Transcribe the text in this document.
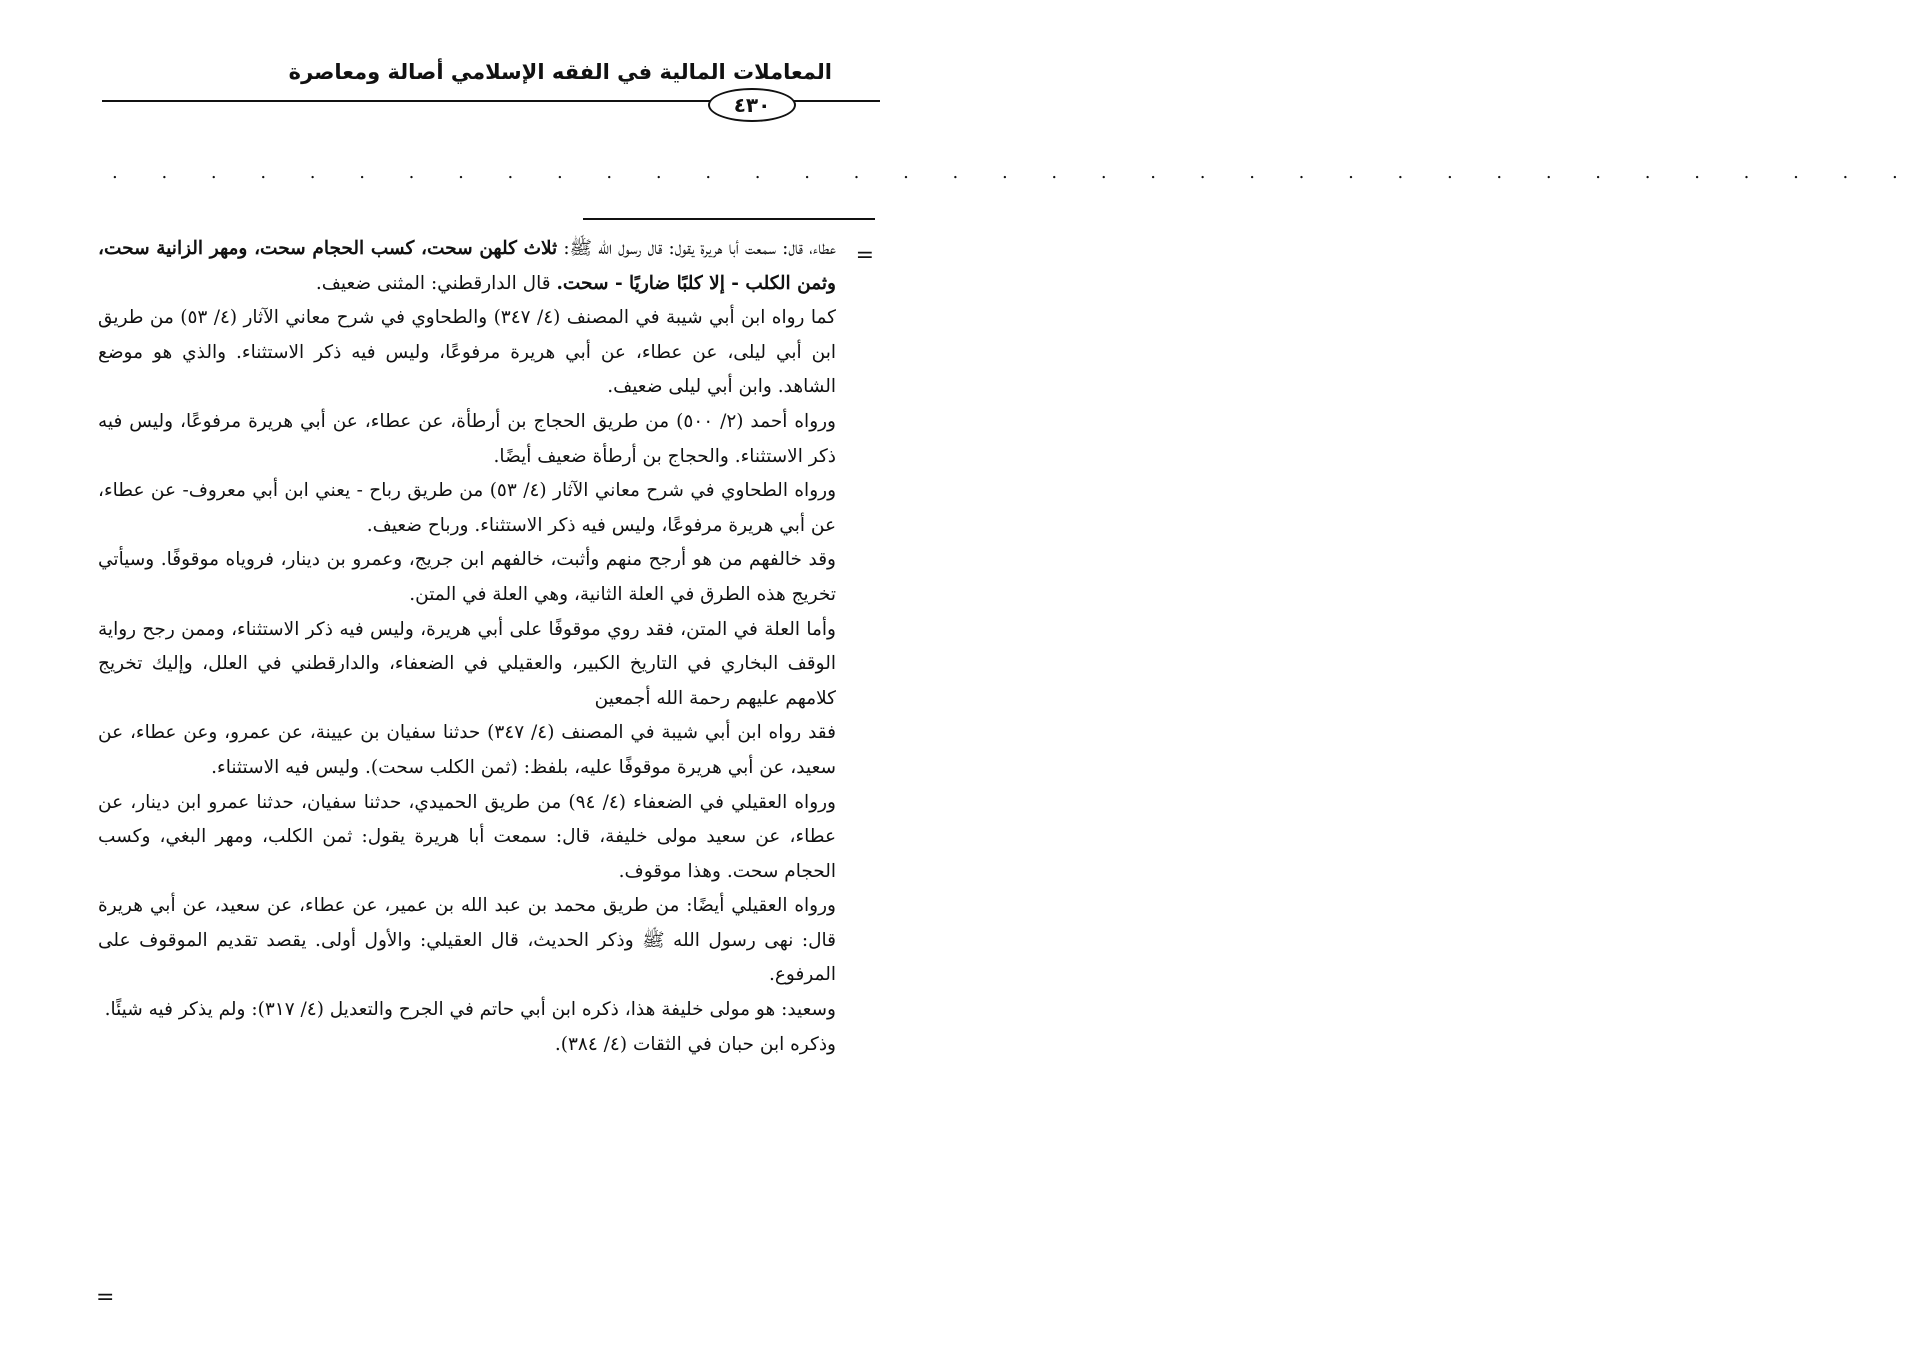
المعاملات المالية في الفقه الإسلامي أصالة ومعاصرة
٤٣٠
. . . . . . . . . . . . . . . . . . . . . . . . . . . . . . . . . . . . .
=

عطاء، قال: سمعت أبا هريرة يقول: قال رسول الله ﷺ: ثلاث كلهن سحت، كسب الحجام سحت، ومهر الزانية سحت، وثمن الكلب - إلا كلبًا ضاريًا - سحت. قال الدارقطني: المثنى ضعيف.

كما رواه ابن أبي شيبة في المصنف (٤/ ٣٤٧) والطحاوي في شرح معاني الآثار (٤/ ٥٣) من طريق ابن أبي ليلى، عن عطاء، عن أبي هريرة مرفوعًا، وليس فيه ذكر الاستثناء. والذي هو موضع الشاهد. وابن أبي ليلى ضعيف.

ورواه أحمد (٢/ ٥٠٠) من طريق الحجاج بن أرطأة، عن عطاء، عن أبي هريرة مرفوعًا، وليس فيه ذكر الاستثناء. والحجاج بن أرطأة ضعيف أيضًا.

ورواه الطحاوي في شرح معاني الآثار (٤/ ٥٣) من طريق رباح - يعني ابن أبي معروف- عن عطاء، عن أبي هريرة مرفوعًا، وليس فيه ذكر الاستثناء. ورباح ضعيف.

وقد خالفهم من هو أرجح منهم وأثبت، خالفهم ابن جريج، وعمرو بن دينار، فروياه موقوفًا. وسيأتي تخريج هذه الطرق في العلة الثانية، وهي العلة في المتن.

وأما العلة في المتن، فقد روي موقوفًا على أبي هريرة، وليس فيه ذكر الاستثناء، وممن رجح رواية الوقف البخاري في التاريخ الكبير، والعقيلي في الضعفاء، والدارقطني في العلل، وإليك تخريج كلامهم عليهم رحمة الله أجمعين

فقد رواه ابن أبي شيبة في المصنف (٤/ ٣٤٧) حدثنا سفيان بن عيينة، عن عمرو، وعن عطاء، عن سعيد، عن أبي هريرة موقوفًا عليه، بلفظ: (ثمن الكلب سحت). وليس فيه الاستثناء.

ورواه العقيلي في الضعفاء (٤/ ٩٤) من طريق الحميدي، حدثنا سفيان، حدثنا عمرو ابن دينار، عن عطاء، عن سعيد مولى خليفة، قال: سمعت أبا هريرة يقول: ثمن الكلب، ومهر البغي، وكسب الحجام سحت. وهذا موقوف.

ورواه العقيلي أيضًا: من طريق محمد بن عبد الله بن عمير، عن عطاء، عن سعيد، عن أبي هريرة قال: نهى رسول الله ﷺ وذكر الحديث، قال العقيلي: والأول أولى. يقصد تقديم الموقوف على المرفوع.

وسعيد: هو مولى خليفة هذا، ذكره ابن أبي حاتم في الجرح والتعديل (٤/ ٣١٧): ولم يذكر فيه شيئًا.

وذكره ابن حبان في الثقات (٤/ ٣٨٤).

=
